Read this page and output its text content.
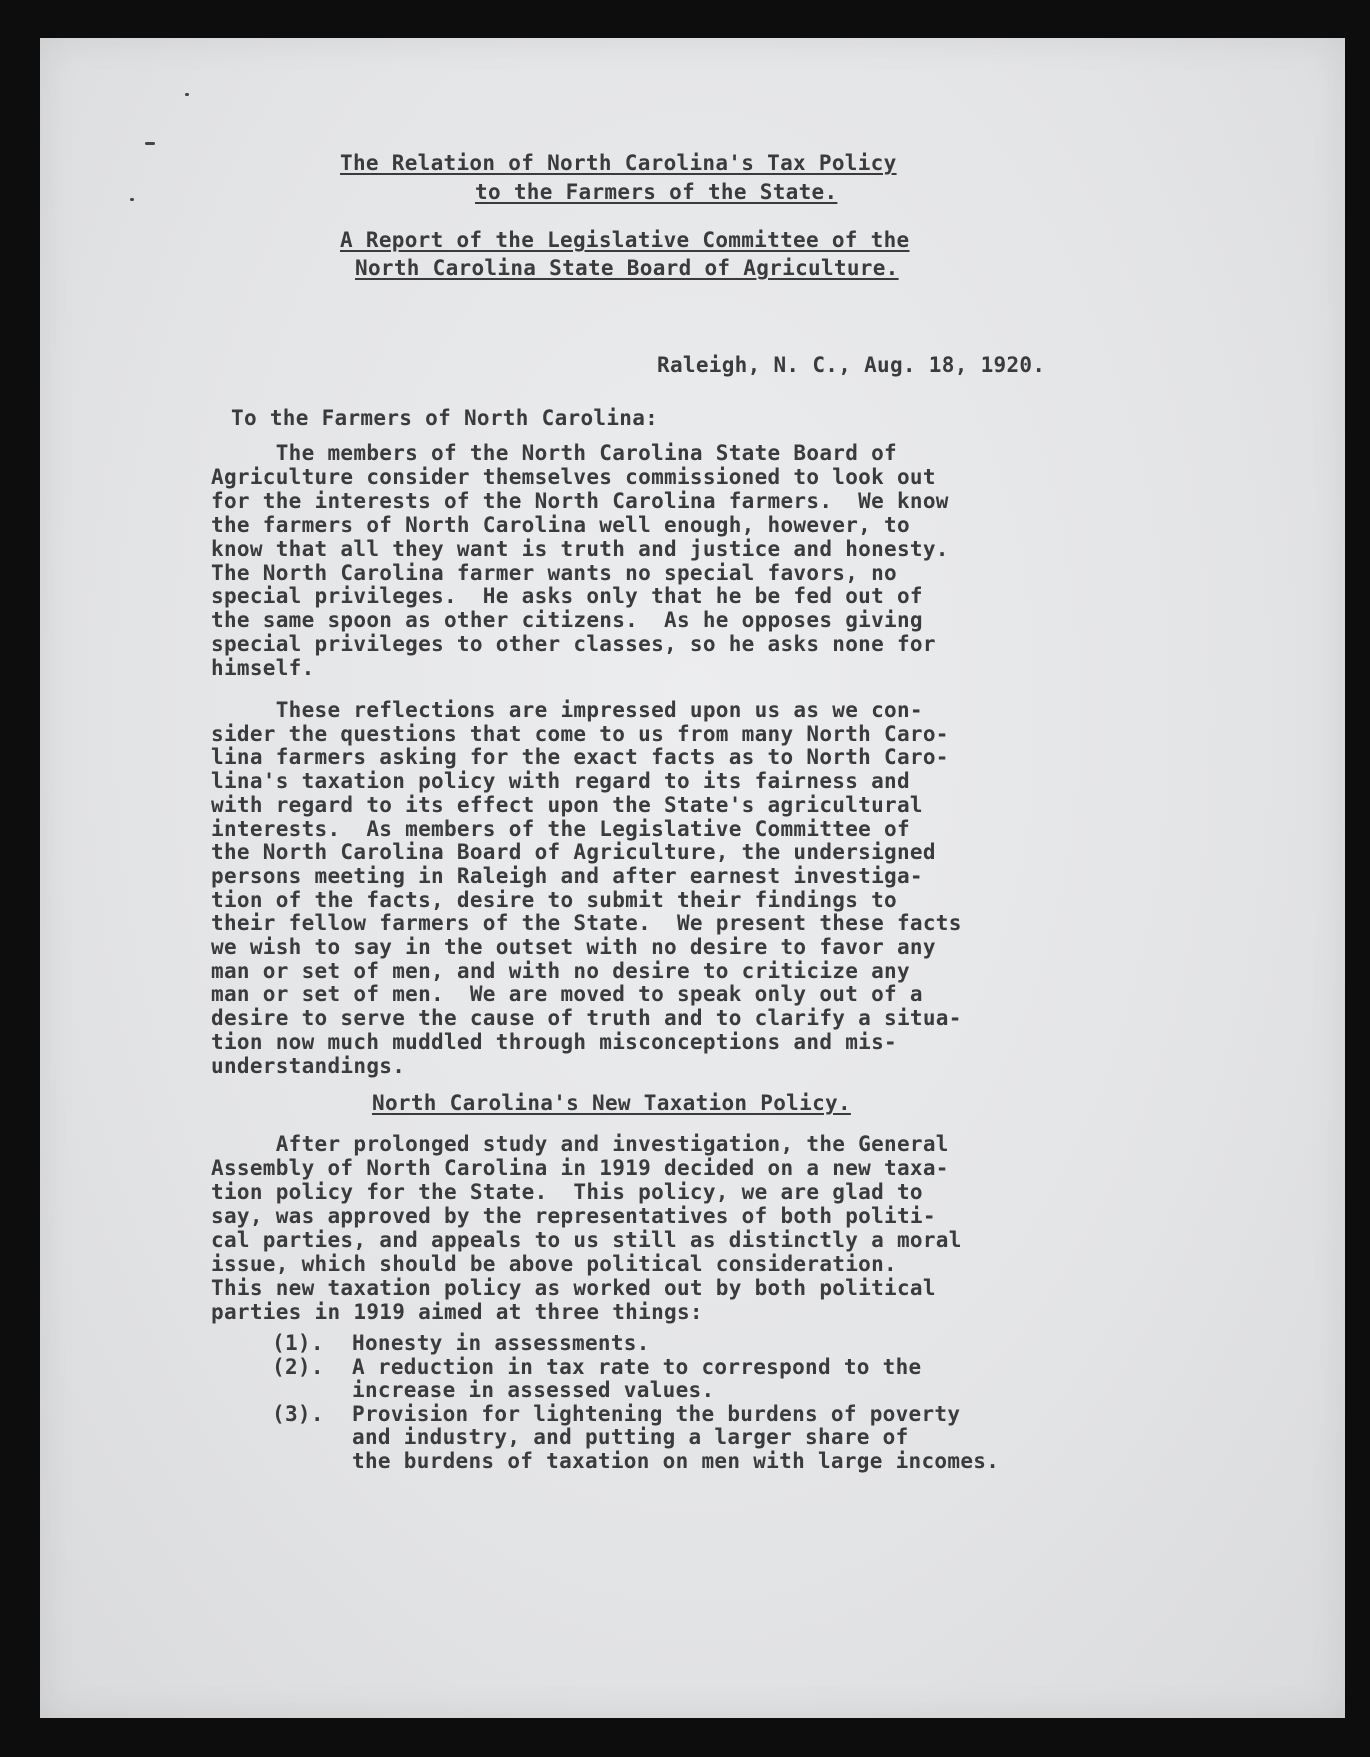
The Relation of North Carolina's Tax Policy
to the Farmers of the State.
A Report of the Legislative Committee of the
North Carolina State Board of Agriculture.
Raleigh, N. C., Aug. 18, 1920.
To the Farmers of North Carolina:
The members of the North Carolina State Board of
Agriculture consider themselves commissioned to look out
for the interests of the North Carolina farmers.  We know
the farmers of North Carolina well enough, however, to
know that all they want is truth and justice and honesty.
The North Carolina farmer wants no special favors, no
special privileges.  He asks only that he be fed out of
the same spoon as other citizens.  As he opposes giving
special privileges to other classes, so he asks none for
himself.
These reflections are impressed upon us as we con-
sider the questions that come to us from many North Caro-
lina farmers asking for the exact facts as to North Caro-
lina's taxation policy with regard to its fairness and
with regard to its effect upon the State's agricultural
interests.  As members of the Legislative Committee of
the North Carolina Board of Agriculture, the undersigned
persons meeting in Raleigh and after earnest investiga-
tion of the facts, desire to submit their findings to
their fellow farmers of the State.  We present these facts
we wish to say in the outset with no desire to favor any
man or set of men, and with no desire to criticize any
man or set of men.  We are moved to speak only out of a
desire to serve the cause of truth and to clarify a situa-
tion now much muddled through misconceptions and mis-
understandings.
North Carolina's New Taxation Policy.
After prolonged study and investigation, the General
Assembly of North Carolina in 1919 decided on a new taxa-
tion policy for the State.  This policy, we are glad to
say, was approved by the representatives of both politi-
cal parties, and appeals to us still as distinctly a moral
issue, which should be above political consideration.
This new taxation policy as worked out by both political
parties in 1919 aimed at three things:
(1). Honesty in assessments.
(2). A reduction in tax rate to correspond to the
increase in assessed values.
(3). Provision for lightening the burdens of poverty
and industry, and putting a larger share of
the burdens of taxation on men with large incomes.
